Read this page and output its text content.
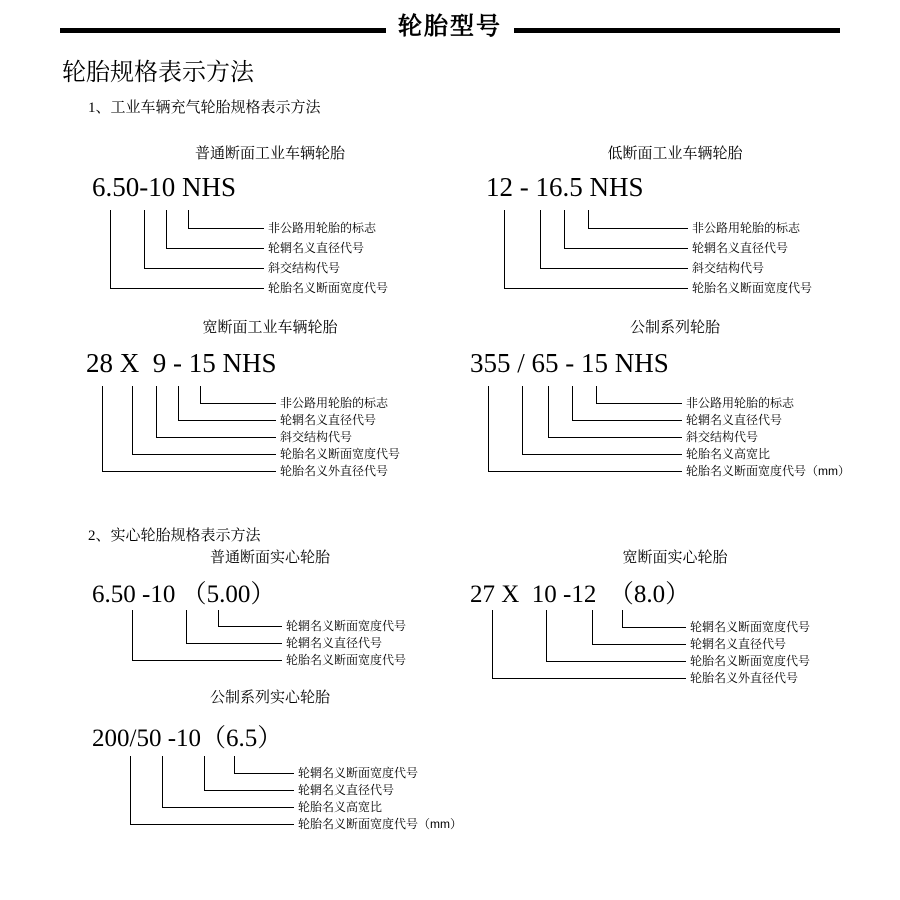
轮胎型号
轮胎规格表示方法
1、工业车辆充气轮胎规格表示方法
普通断面工业车辆轮胎
6.50-10 NHS
轮胎名义断面宽度代号
斜交结构代号
轮辋名义直径代号
非公路用轮胎的标志
低断面工业车辆轮胎
12 - 16.5 NHS
轮胎名义断面宽度代号
斜交结构代号
轮辋名义直径代号
非公路用轮胎的标志
宽断面工业车辆轮胎
28 X  9 - 15 NHS
轮胎名义外直径代号
轮胎名义断面宽度代号
斜交结构代号
轮辋名义直径代号
非公路用轮胎的标志
公制系列轮胎
355 / 65 - 15 NHS
轮胎名义断面宽度代号（mm）
轮胎名义高宽比
斜交结构代号
轮辋名义直径代号
非公路用轮胎的标志
2、实心轮胎规格表示方法
普通断面实心轮胎
6.50 -10 （5.00）
轮胎名义断面宽度代号
轮辋名义直径代号
轮辋名义断面宽度代号
宽断面实心轮胎
27 X  10 -12  （8.0）
轮胎名义外直径代号
轮胎名义断面宽度代号
轮辋名义直径代号
轮辋名义断面宽度代号
公制系列实心轮胎
200/50 -10（6.5）
轮胎名义断面宽度代号（mm）
轮胎名义高宽比
轮辋名义直径代号
轮辋名义断面宽度代号
